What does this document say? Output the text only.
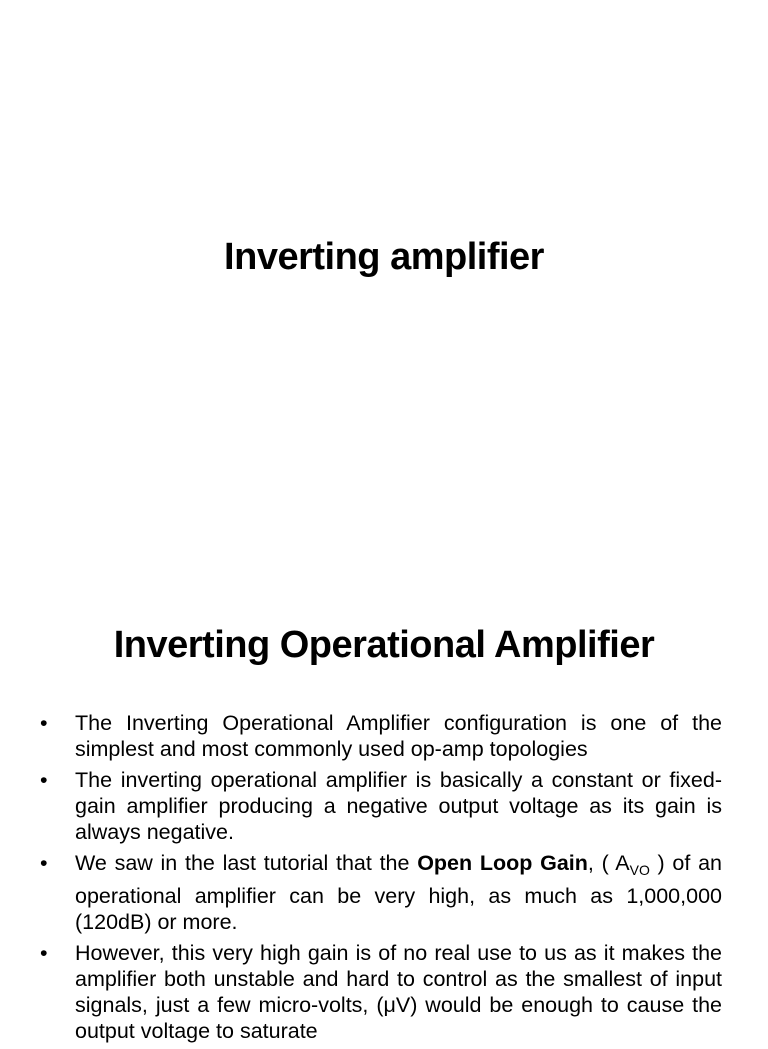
Inverting amplifier
Inverting Operational Amplifier
• The Inverting Operational Amplifier configuration is one of the simplest and most commonly used op-amp topologies
• The inverting operational amplifier is basically a constant or fixed-gain amplifier producing a negative output voltage as its gain is always negative.
• We saw in the last tutorial that the Open Loop Gain, ( $A_{VO}$ ) of an operational amplifier can be very high, as much as 1,000,000 (120dB) or more.
• However, this very high gain is of no real use to us as it makes the amplifier both unstable and hard to control as the smallest of input signals, just a few micro-volts, (μV) would be enough to cause the output voltage to saturate
